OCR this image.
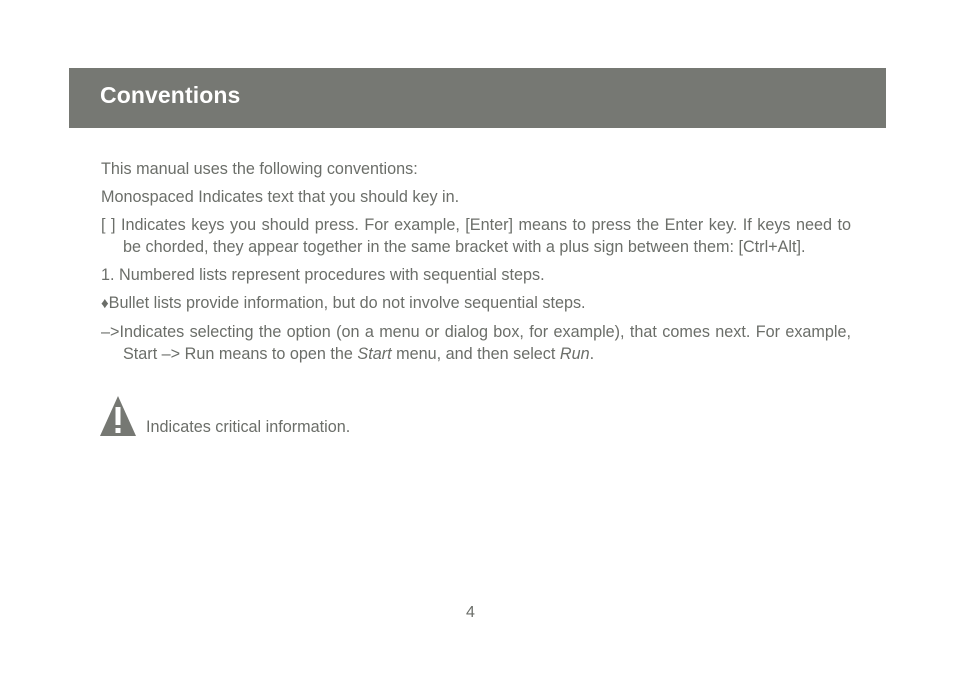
Conventions

This manual uses the following conventions:

Monospaced Indicates text that you should key in.

[ ] Indicates keys you should press. For example, [Enter] means to press the Enter key. If keys need to be chorded, they appear together in the same bracket with a plus sign between them: [Ctrl+Alt].

1. Numbered lists represent procedures with sequential steps.

♦Bullet lists provide information, but do not involve sequential steps.

–>Indicates selecting the option (on a menu or dialog box, for example), that comes next. For example, Start –> Run means to open the Start menu, and then select Run.

Indicates critical information.
4
